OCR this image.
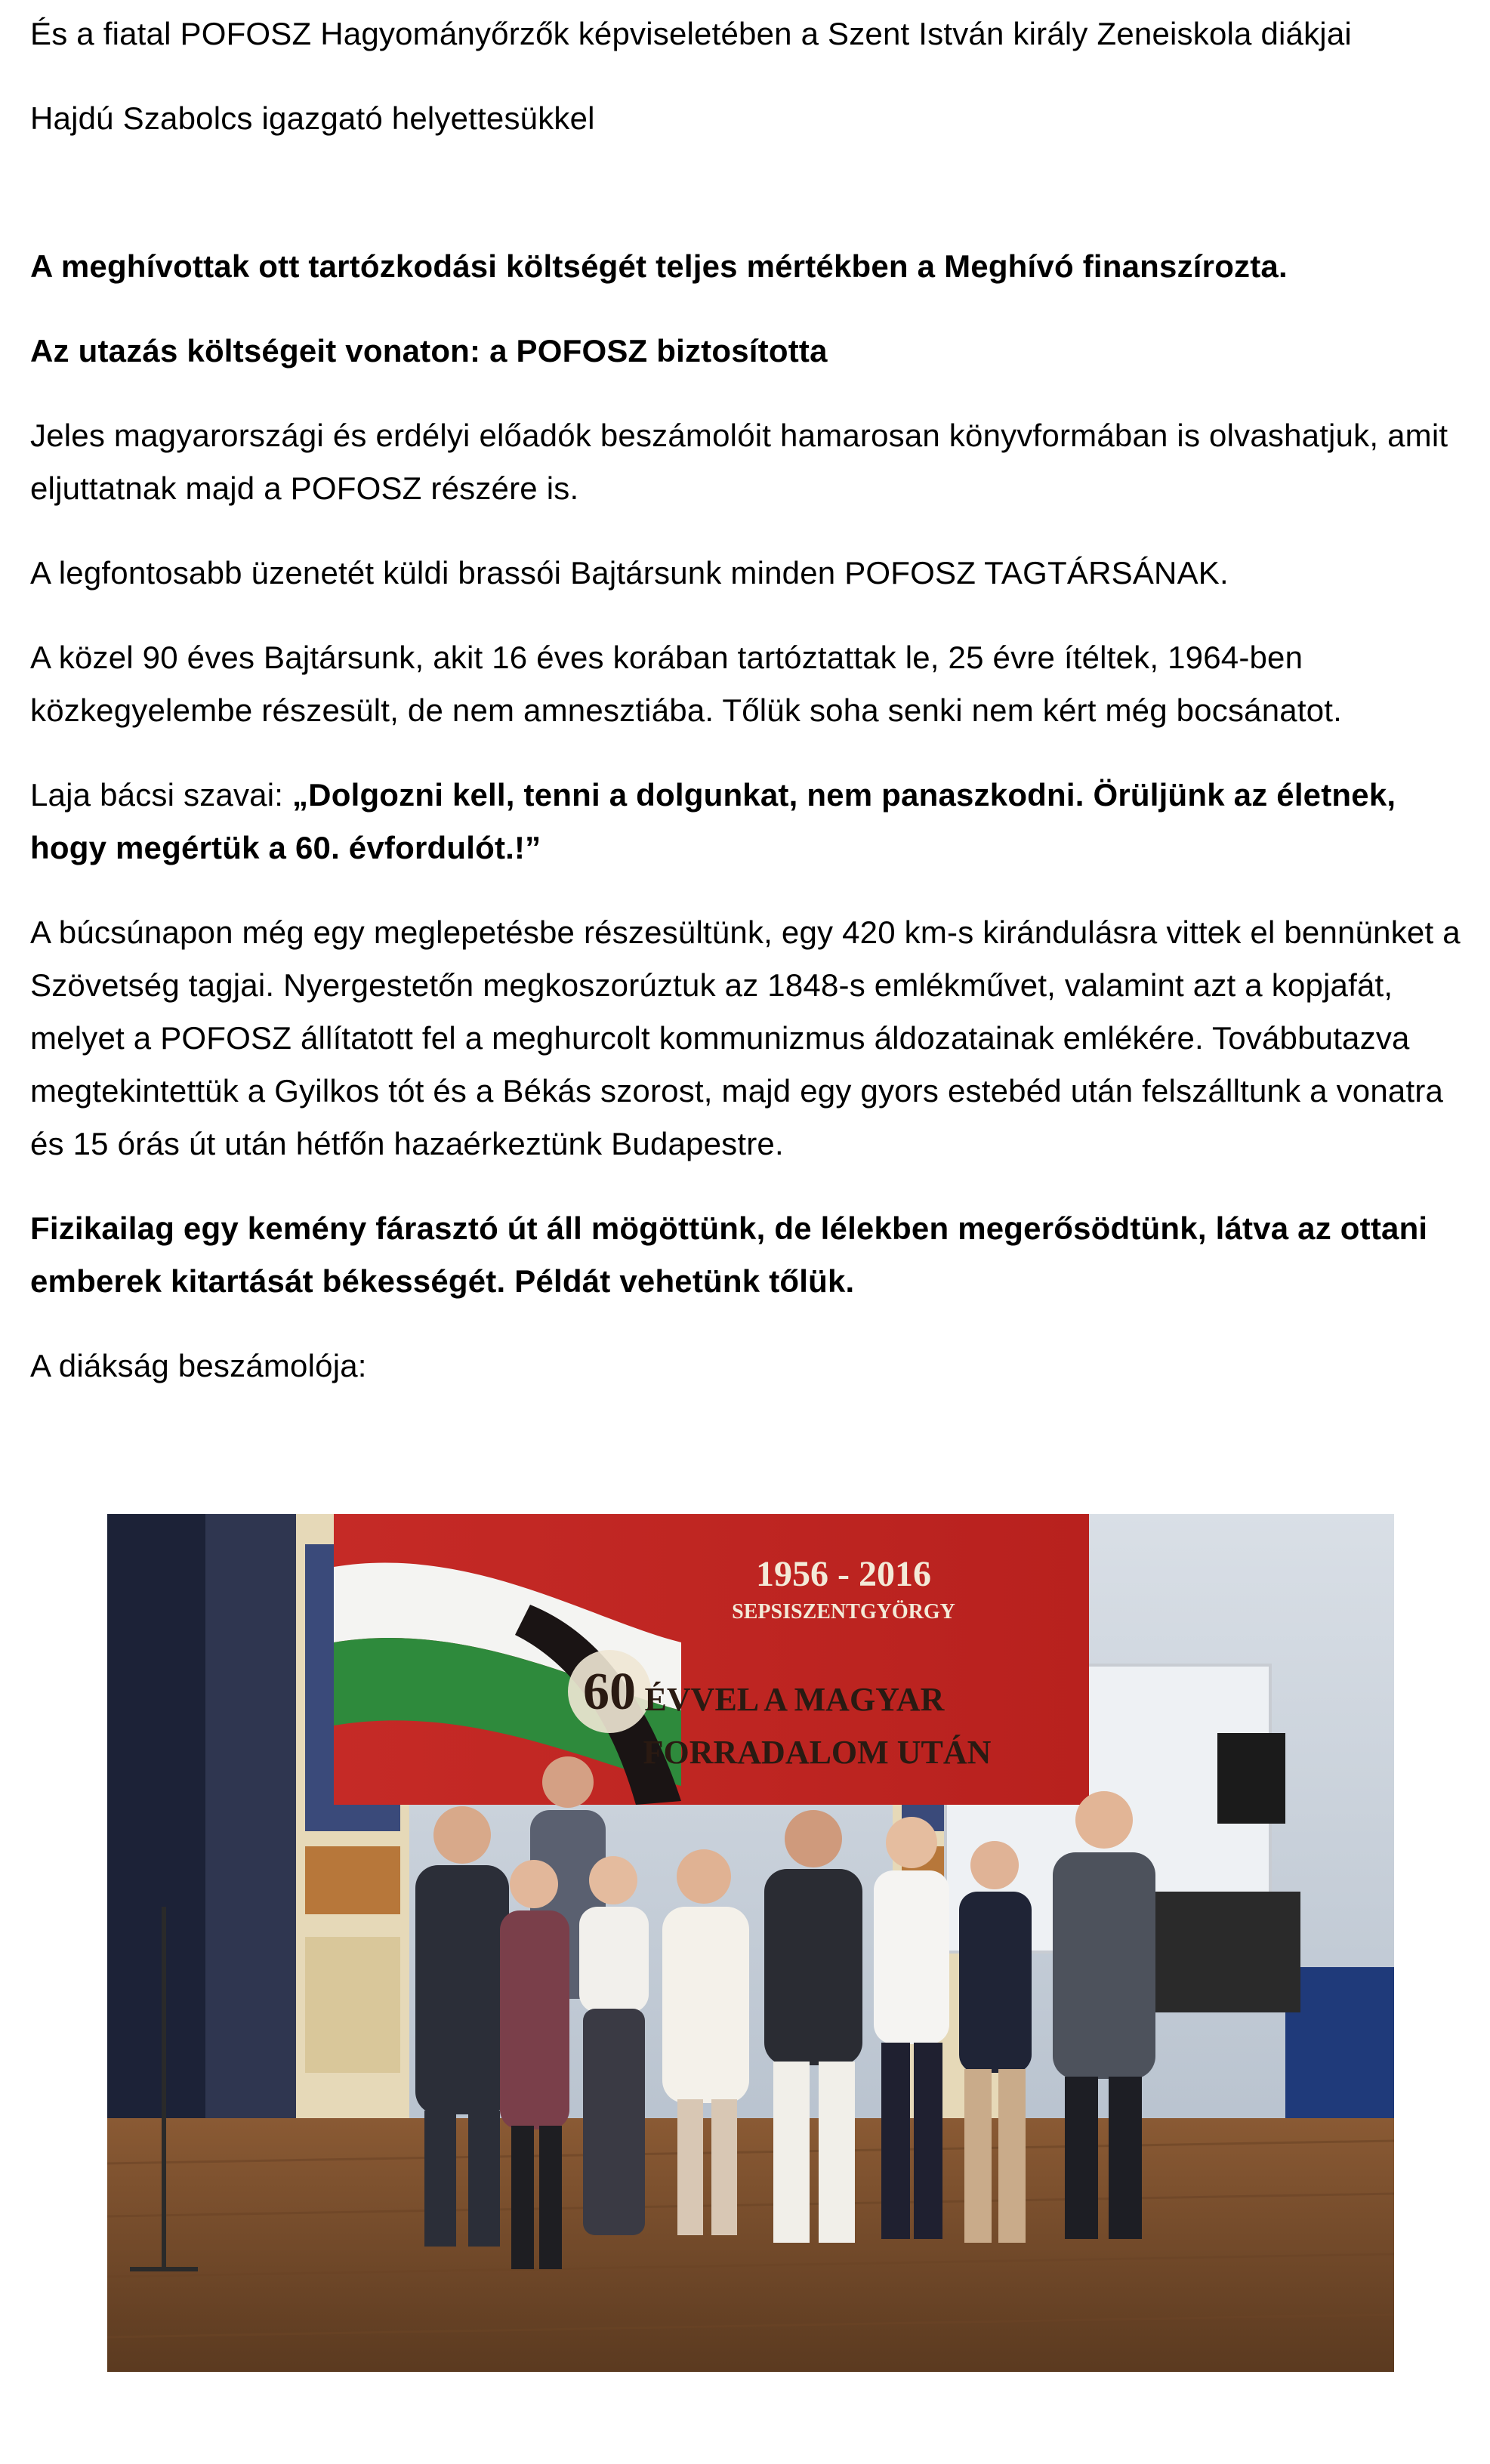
És a fiatal POFOSZ Hagyományőrzők képviseletében a Szent István király Zeneiskola diákjai

Hajdú Szabolcs igazgató helyettesükkel

A meghívottak ott tartózkodási költségét teljes mértékben a Meghívó finanszírozta.

Az utazás költségeit vonaton: a POFOSZ biztosította

Jeles magyarországi és erdélyi előadók beszámolóit hamarosan könyvformában is olvashatjuk, amit eljuttatnak majd a POFOSZ részére is.

A legfontosabb üzenetét küldi brassói Bajtársunk minden POFOSZ TAGTÁRSÁNAK.

A közel 90 éves Bajtársunk, akit 16 éves korában tartóztattak le, 25 évre ítéltek, 1964-ben közkegyelembe részesült, de nem amnesztiába. Tőlük soha senki nem kért még bocsánatot.

Laja bácsi szavai: „Dolgozni kell, tenni a dolgunkat, nem panaszkodni. Örüljünk az életnek, hogy megértük a 60. évfordulót.!”

A búcsúnapon még egy meglepetésbe részesültünk, egy 420 km-s kirándulásra vittek el bennünket a Szövetség tagjai. Nyergestetőn megkoszorúztuk az 1848-s emlékművet, valamint azt a kopjafát, melyet a POFOSZ állítatott fel a meghurcolt kommunizmus áldozatainak emlékére. Továbbutazva megtekintettük a Gyilkos tót és a Békás szorost, majd egy gyors estebéd után felszálltunk a vonatra és 15 órás út után hétfőn hazaérkeztünk Budapestre.

Fizikailag egy kemény fárasztó út áll mögöttünk, de lélekben megerősödtünk, látva az ottani emberek kitartását békességét. Példát vehetünk tőlük.

A diákság beszámolója:

1956 - 2016
SEPSISZENTGYÖRGY
60 ÉVVEL A MAGYAR
FORRADALOM UTÁN
